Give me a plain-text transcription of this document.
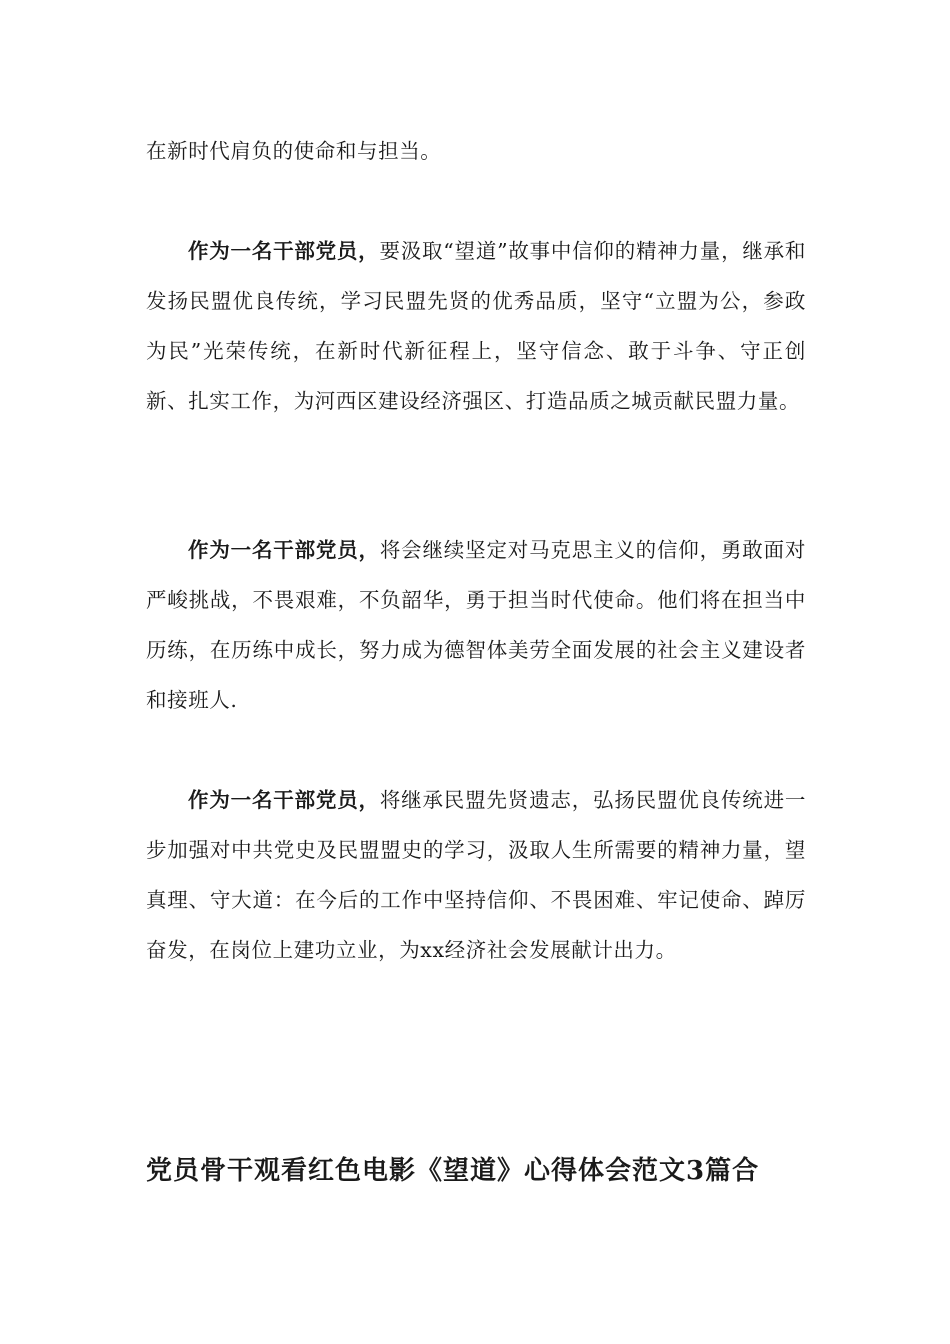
在新时代肩负的使命和与担当。

作为一名干部党员，要汲取“望道”故事中信仰的精神力量，继承和发扬民盟优良传统，学习民盟先贤的优秀品质，坚守“立盟为公，参政为民”光荣传统，在新时代新征程上，坚守信念、敢于斗争、守正创新、扎实工作，为河西区建设经济强区、打造品质之城贡献民盟力量。

作为一名干部党员，将会继续坚定对马克思主义的信仰，勇敢面对严峻挑战，不畏艰难，不负韶华，勇于担当时代使命。他们将在担当中历练，在历练中成长，努力成为德智体美劳全面发展的社会主义建设者和接班人.

作为一名干部党员，将继承民盟先贤遗志，弘扬民盟优良传统进一步加强对中共党史及民盟盟史的学习，汲取人生所需要的精神力量，望真理、守大道：在今后的工作中坚持信仰、不畏困难、牢记使命、踔厉奋发，在岗位上建功立业，为xx经济社会发展献计出力。

党员骨干观看红色电影《望道》心得体会范文3篇合
